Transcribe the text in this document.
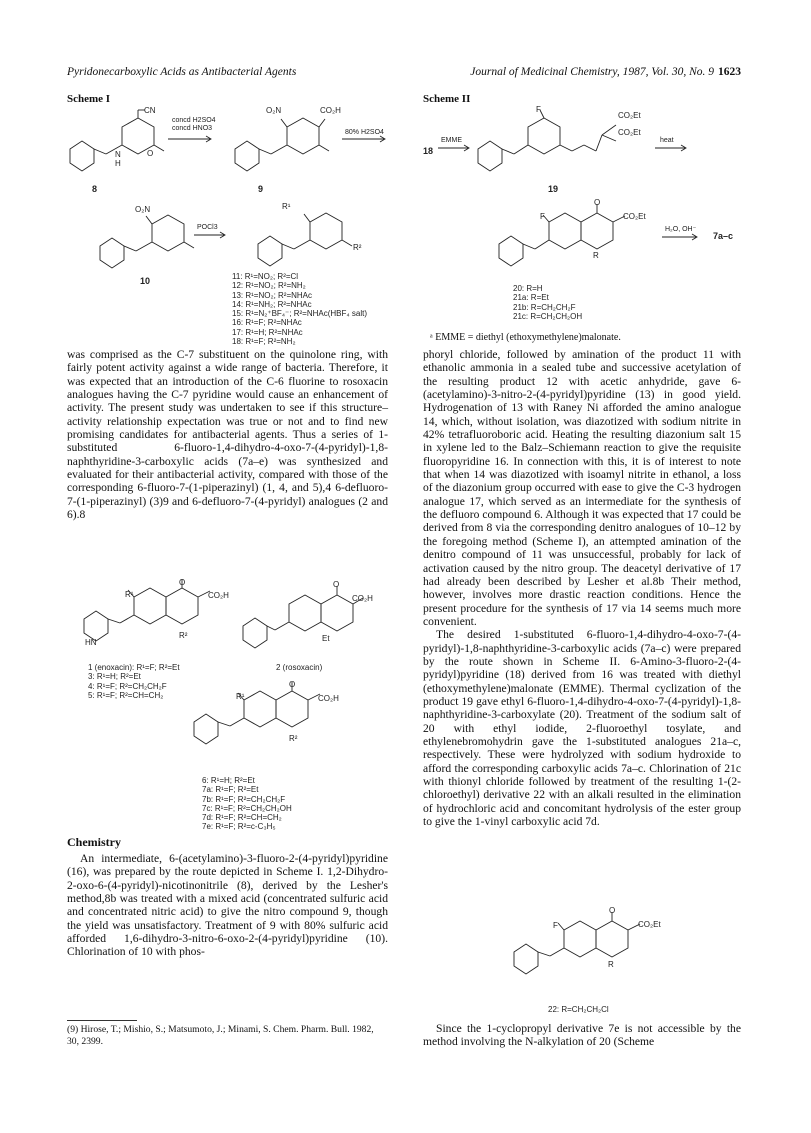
Pyridonecarboxylic Acids as Antibacterial Agents	Journal of Medicinal Chemistry, 1987, Vol. 30, No. 9 1623
Scheme I
CN
N
H
O
8
concd H2SO4
concd HNO3
O₂N	CO₂H
9
80% H2SO4
O₂N
10
POCl3
R¹
R²
11: R¹=NO₂; R²=Cl
12: R¹=NO₂; R²=NH₂
13: R¹=NO₂; R²=NHAc
14: R¹=NH₂; R²=NHAc
15: R¹=N₂⁺BF₄⁻; R²=NHAc(HBF₄ salt)
16: R¹=F; R²=NHAc
17: R¹=H; R²=NHAc
18: R¹=F; R²=NH₂
Scheme II
18
EMME
F
CO₂Et
CO₂Et
19
heat
O
CO₂Et
F
R
20: R=H
21a: R=Et
21b: R=CH₂CH₂F
21c: R=CH₂CH₂OH
H₂O, OH⁻
7a–c
ᵃ EMME = diethyl (ethoxymethylene)malonate.

was comprised as the C-7 substituent on the quinolone ring, with fairly potent activity against a wide range of bacteria. Therefore, it was expected that an introduction of the C-6 fluorine to rosoxacin analogues having the C-7 pyridine would cause an enhancement of activity. The present study was undertaken to see if this structure–activity relationship expectation was true or not and to find new promising candidates for antibacterial agents. Thus a series of 1-substituted 6-fluoro-1,4-dihydro-4-oxo-7-(4-pyridyl)-1,8-naphthyridine-3-carboxylic acids (7a–e) was synthesized and evaluated for their antibacterial activity, compared with those of the corresponding 6-fluoro-7-(1-piperazinyl) (1, 4, and 5),4 6-defluoro-7-(1-piperazinyl) (3)9 and 6-defluoro-7-(4-pyridyl) analogues (2 and 6).8

R¹
O
CO₂H
R²
HN
1 (enoxacin): R¹=F; R²=Et
3: R¹=H; R²=Et
4: R¹=F; R²=CH₂CH₂F
5: R¹=F; R²=CH=CH₂
O
CO₂H
Et
2 (rosoxacin)
R¹
O
CO₂H
R²
6: R¹=H; R²=Et
7a: R¹=F; R²=Et
7b: R¹=F; R²=CH₂CH₂F
7c: R¹=F; R²=CH₂CH₂OH
7d: R¹=F; R²=CH=CH₂
7e: R¹=F; R²=c-C₃H₅
Chemistry

An intermediate, 6-(acetylamino)-3-fluoro-2-(4-pyridyl)pyridine (16), was prepared by the route depicted in Scheme I. 1,2-Dihydro-2-oxo-6-(4-pyridyl)-nicotinonitrile (8), derived by the Lesher's method,8b was treated with a mixed acid (concentrated sulfuric acid and concentrated nitric acid) to give the nitro compound 9, though the yield was unsatisfactory. Treatment of 9 with 80% sulfuric acid afforded 1,6-dihydro-3-nitro-6-oxo-2-(4-pyridyl)pyridine (10). Chlorination of 10 with phos-

(9) Hirose, T.; Mishio, S.; Matsumoto, J.; Minami, S. Chem. Pharm. Bull. 1982, 30, 2399.

phoryl chloride, followed by amination of the product 11 with ethanolic ammonia in a sealed tube and successive acetylation of the resulting product 12 with acetic anhydride, gave 6-(acetylamino)-3-nitro-2-(4-pyridyl)pyridine (13) in good yield. Hydrogenation of 13 with Raney Ni afforded the amino analogue 14, which, without isolation, was diazotized with sodium nitrite in 42% tetrafluoroboric acid. Heating the resulting diazonium salt 15 in xylene led to the Balz–Schiemann reaction to give the requisite fluoropyridine 16. In connection with this, it is of interest to note that when 14 was diazotized with isoamyl nitrite in ethanol, a loss of the diazonium group occurred with ease to give the C-3 hydrogen analogue 17, which served as an intermediate for the synthesis of the defluoro compound 6. Although it was expected that 17 could be derived from 8 via the corresponding denitro analogues of 10–12 by the foregoing method (Scheme I), an attempted amination of the denitro compound of 11 was unsuccessful, probably for lack of activation caused by the nitro group. The deacetyl derivative of 17 had already been described by Lesher et al.8b Their method, however, involves more drastic reaction conditions. Hence the present procedure for the synthesis of 17 via 14 seems much more convenient.

The desired 1-substituted 6-fluoro-1,4-dihydro-4-oxo-7-(4-pyridyl)-1,8-naphthyridine-3-carboxylic acids (7a–c) were prepared by the route shown in Scheme II. 6-Amino-3-fluoro-2-(4-pyridyl)pyridine (18) derived from 16 was treated with diethyl (ethoxymethylene)malonate (EMME). Thermal cyclization of the product 19 gave ethyl 6-fluoro-1,4-dihydro-4-oxo-7-(4-pyridyl)-1,8-naphthyridine-3-carboxylate (20). Treatment of the sodium salt of 20 with ethyl iodide, 2-fluoroethyl tosylate, and ethylenebromohydrin gave the 1-substituted analogues 21a–c, respectively. These were hydrolyzed with sodium hydroxide to afford the corresponding carboxylic acids 7a–c. Chlorination of 21c with thionyl chloride followed by treatment of the resulting 1-(2-chloroethyl) derivative 22 with an alkali resulted in the elimination of hydrochloric acid and concomitant hydrolysis of the ester group to give the 1-vinyl carboxylic acid 7d.

O
CO₂Et
F
R
22: R=CH₂CH₂Cl

Since the 1-cyclopropyl derivative 7e is not accessible by the method involving the N-alkylation of 20 (Scheme
